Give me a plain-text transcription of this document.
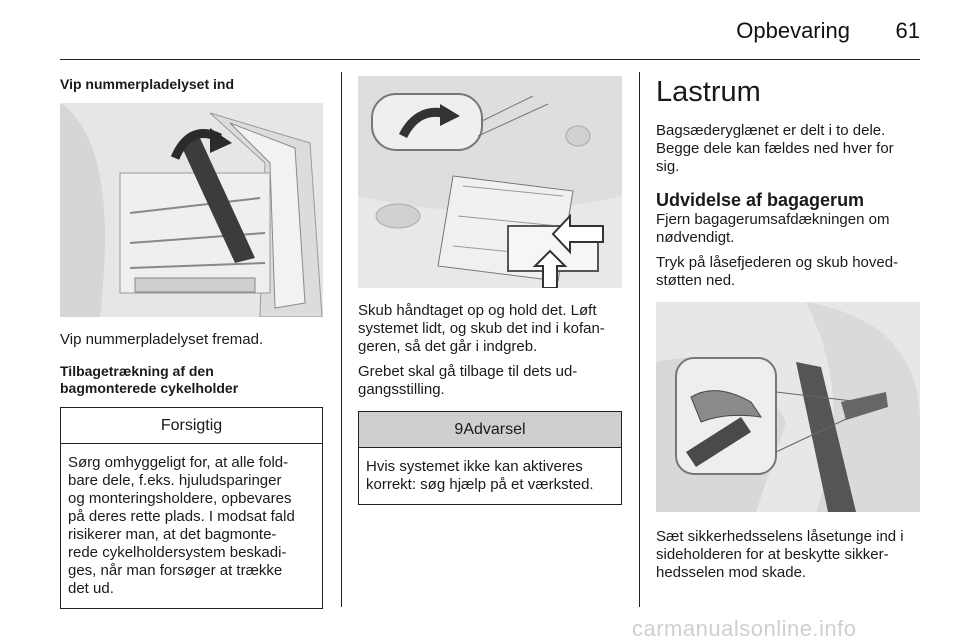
Opbevaring 61

Vip nummerpladelyset ind

Vip nummerpladelyset fremad.

Tilbagetrækning af den
bagmonterede cykelholder

Forsigtig
Sørg omhyggeligt for, at alle fold-
bare dele, f.eks. hjuludsparinger
og monteringsholdere, opbevares
på deres rette plads. I modsat fald
risikerer man, at det bagmonte-
rede cykelholdersystem beskadi-
ges, når man forsøger at trække
det ud.

Skub håndtaget op og hold det. Løft
systemet lidt, og skub det ind i kofan-
geren, så det går i indgreb.

Grebet skal gå tilbage til dets ud-
gangsstilling.

9Advarsel
Hvis systemet ikke kan aktiveres
korrekt: søg hjælp på et værksted.
Lastrum

Bagsæderyglænet er delt i to dele.
Begge dele kan fældes ned hver for
sig.

Udvidelse af bagagerum

Fjern bagagerumsafdækningen om
nødvendigt.

Tryk på låsefjederen og skub hoved-
støtten ned.

Sæt sikkerhedsselens låsetunge ind i
sideholderen for at beskytte sikker-
hedsselen mod skade.

carmanualsonline.info
